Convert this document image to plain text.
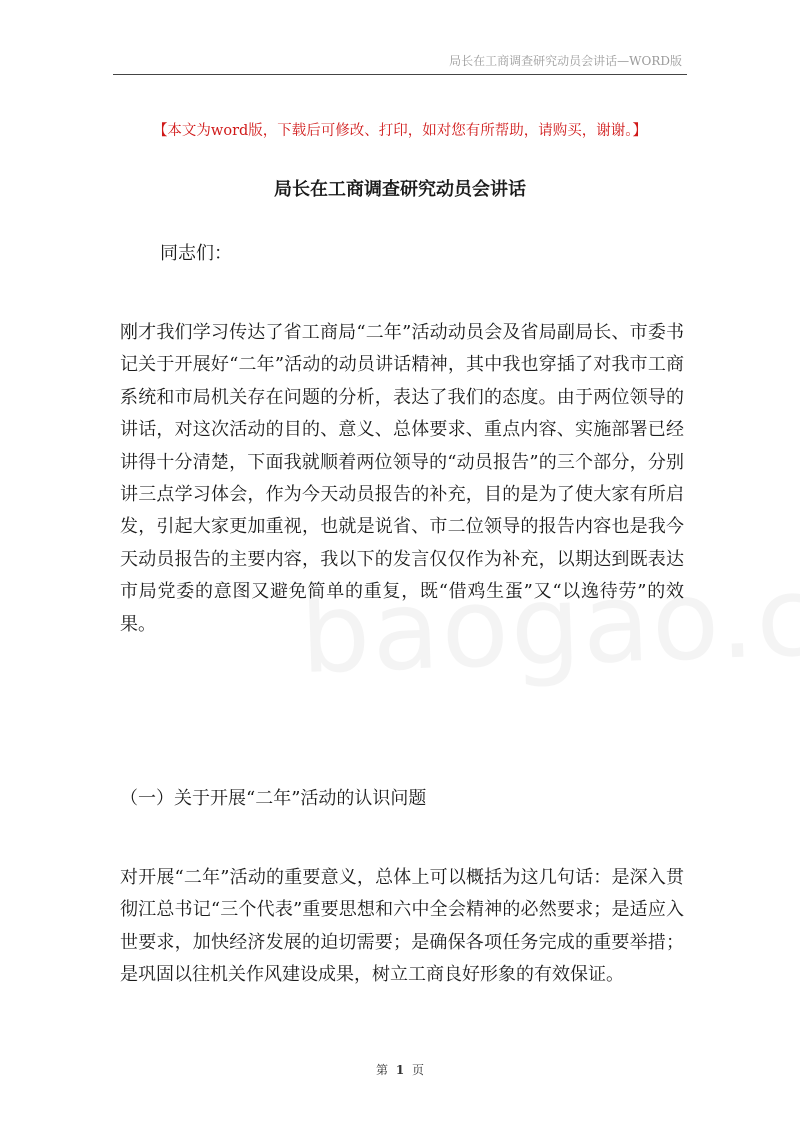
局长在工商调查研究动员会讲话—WORD版
【本文为word版，下载后可修改、打印，如对您有所帮助，请购买，谢谢。】
局长在工商调查研究动员会讲话

同志们：

刚才我们学习传达了省工商局“二年”活动动员会及省局副局长、市委书记关于开展好“二年”活动的动员讲话精神，其中我也穿插了对我市工商系统和市局机关存在问题的分析，表达了我们的态度。由于两位领导的讲话，对这次活动的目的、意义、总体要求、重点内容、实施部署已经讲得十分清楚，下面我就顺着两位领导的“动员报告”的三个部分，分别讲三点学习体会，作为今天动员报告的补充，目的是为了使大家有所启发，引起大家更加重视，也就是说省、市二位领导的报告内容也是我今天动员报告的主要内容，我以下的发言仅仅作为补充，以期达到既表达市局党委的意图又避免简单的重复，既“借鸡生蛋”又“以逸待劳”的效果。

（一）关于开展“二年”活动的认识问题

对开展“二年”活动的重要意义，总体上可以概括为这几句话：是深入贯彻江总书记“三个代表”重要思想和六中全会精神的必然要求；是适应入世要求，加快经济发展的迫切需要；是确保各项任务完成的重要举措；是巩固以往机关作风建设成果，树立工商良好形象的有效保证。

第 1 页
